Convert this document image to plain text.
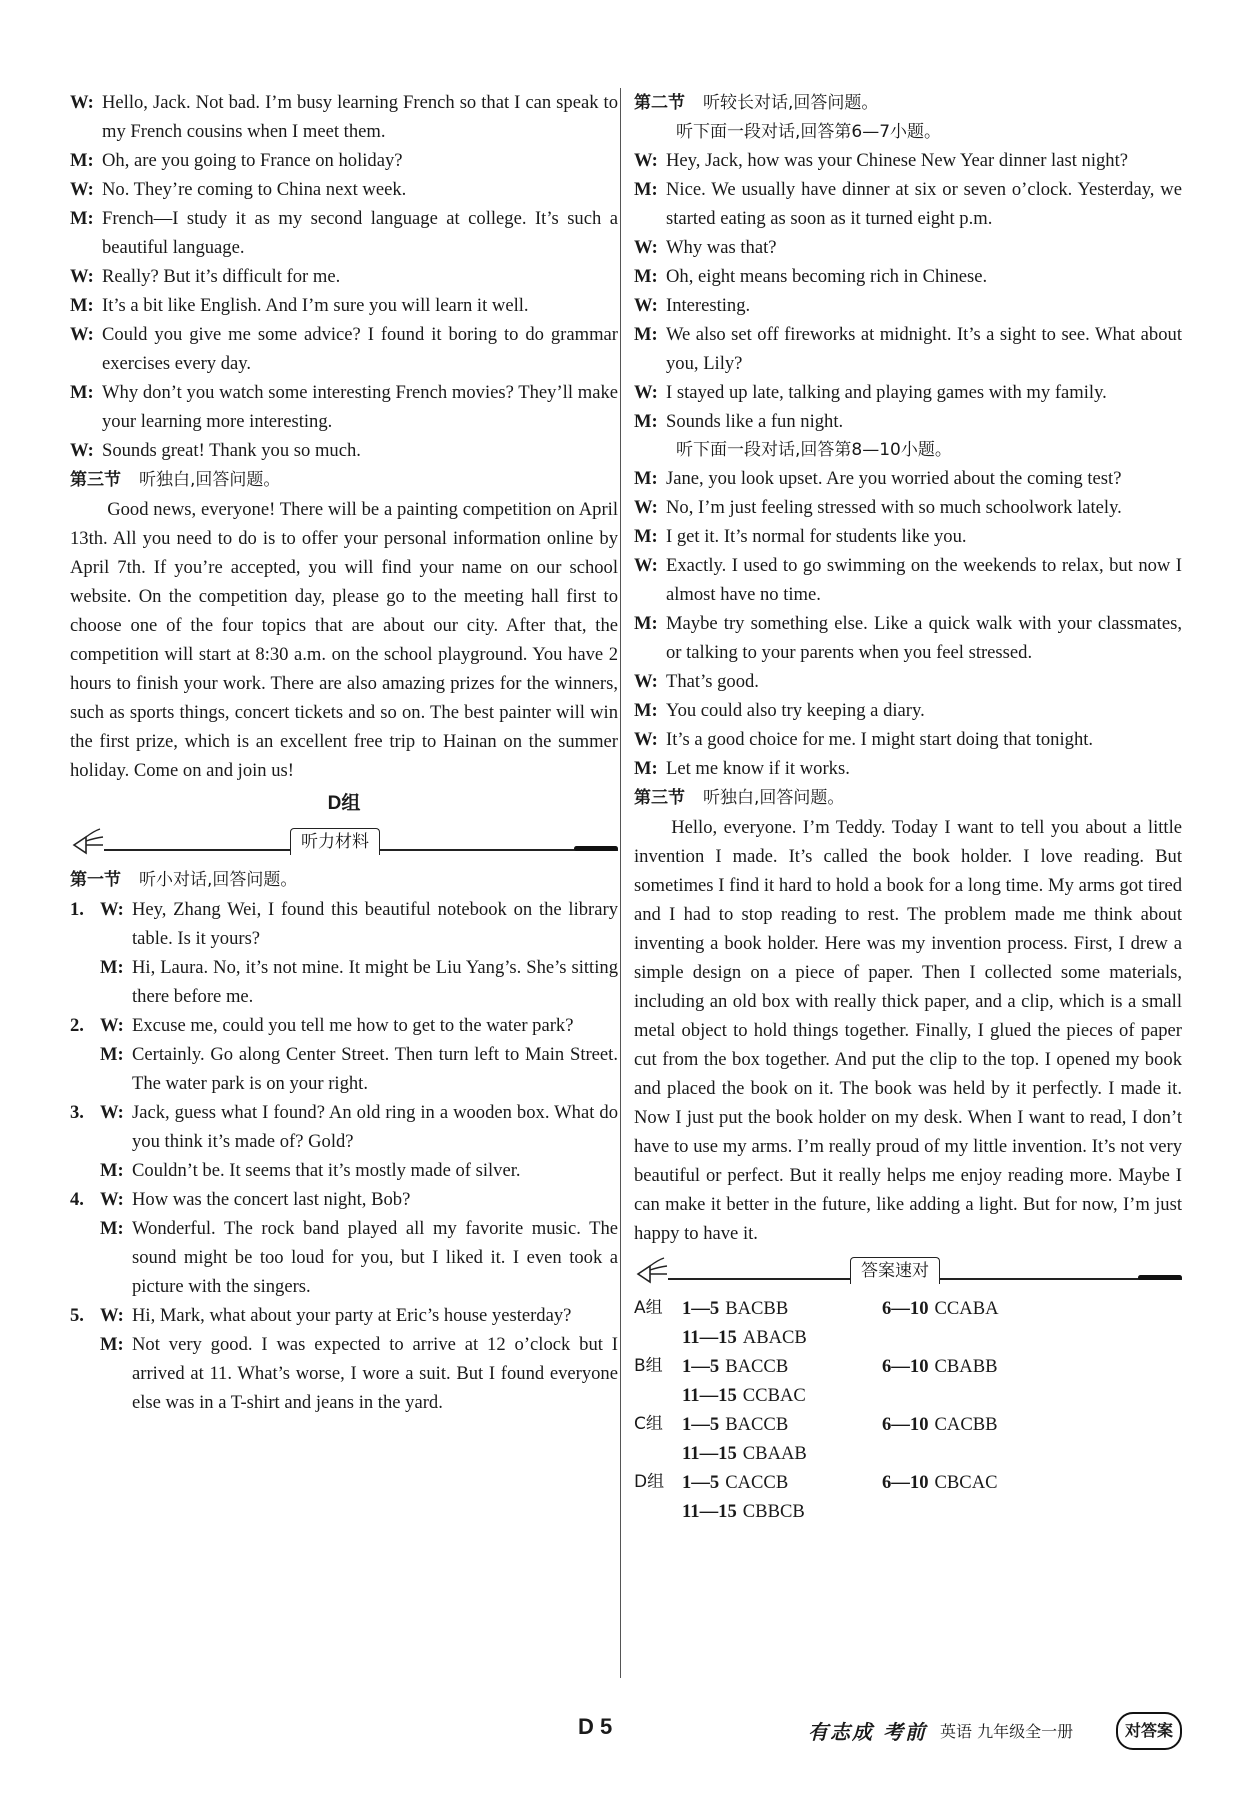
W: Hello, Jack. Not bad. I’m busy learning French so that I can speak to my French cousins when I meet them.
M: Oh, are you going to France on holiday?
W: No. They’re coming to China next week.
M: French—I study it as my second language at college. It’s such a beautiful language.
W: Really? But it’s difficult for me.
M: It’s a bit like English. And I’m sure you will learn it well.
W: Could you give me some advice? I found it boring to do grammar exercises every day.
M: Why don’t you watch some interesting French movies? They’ll make your learning more interesting.
W: Sounds great! Thank you so much.
第三节 听独白,回答问题。
Good news, everyone! There will be a painting competition on April 13th. All you need to do is to offer your personal information online by April 7th. If you’re accepted, you will find your name on our school website. On the competition day, please go to the meeting hall first to choose one of the four topics that are about our city. After that, the competition will start at 8:30 a.m. on the school playground. You have 2 hours to finish your work. There are also amazing prizes for the winners, such as sports things, concert tickets and so on. The best painter will win the first prize, which is an excellent free trip to Hainan on the summer holiday. Come on and join us!
D组
听力材料
第一节 听小对话,回答问题。
1. W: Hey, Zhang Wei, I found this beautiful notebook on the library table. Is it yours?
M: Hi, Laura. No, it’s not mine. It might be Liu Yang’s. She’s sitting there before me.
2. W: Excuse me, could you tell me how to get to the water park?
M: Certainly. Go along Center Street. Then turn left to Main Street. The water park is on your right.
3. W: Jack, guess what I found? An old ring in a wooden box. What do you think it’s made of? Gold?
M: Couldn’t be. It seems that it’s mostly made of silver.
4. W: How was the concert last night, Bob?
M: Wonderful. The rock band played all my favorite music. The sound might be too loud for you, but I liked it. I even took a picture with the singers.
5. W: Hi, Mark, what about your party at Eric’s house yesterday?
M: Not very good. I was expected to arrive at 12 o’clock but I arrived at 11. What’s worse, I wore a suit. But I found everyone else was in a T-shirt and jeans in the yard.
第二节 听较长对话,回答问题。
听下面一段对话,回答第6—7小题。
W: Hey, Jack, how was your Chinese New Year dinner last night?
M: Nice. We usually have dinner at six or seven o’clock. Yesterday, we started eating as soon as it turned eight p.m.
W: Why was that?
M: Oh, eight means becoming rich in Chinese.
W: Interesting.
M: We also set off fireworks at midnight. It’s a sight to see. What about you, Lily?
W: I stayed up late, talking and playing games with my family.
M: Sounds like a fun night.
听下面一段对话,回答第8—10小题。
M: Jane, you look upset. Are you worried about the coming test?
W: No, I’m just feeling stressed with so much schoolwork lately.
M: I get it. It’s normal for students like you.
W: Exactly. I used to go swimming on the weekends to relax, but now I almost have no time.
M: Maybe try something else. Like a quick walk with your classmates, or talking to your parents when you feel stressed.
W: That’s good.
M: You could also try keeping a diary.
W: It’s a good choice for me. I might start doing that tonight.
M: Let me know if it works.
第三节 听独白,回答问题。
Hello, everyone. I’m Teddy. Today I want to tell you about a little invention I made. It’s called the book holder. I love reading. But sometimes I find it hard to hold a book for a long time. My arms got tired and I had to stop reading to rest. The problem made me think about inventing a book holder. Here was my invention process. First, I drew a simple design on a piece of paper. Then I collected some materials, including an old box with really thick paper, and a clip, which is a small metal object to hold things together. Finally, I glued the pieces of paper cut from the box together. And put the clip to the top. I opened my book and placed the book on it. The book was held by it perfectly. I made it. Now I just put the book holder on my desk. When I want to read, I don’t have to use my arms. I’m really proud of my little invention. It’s not very beautiful or perfect. But it really helps me enjoy reading more. Maybe I can make it better in the future, like adding a light. But for now, I’m just happy to have it.
答案速对
A组	1—5 BACBB	6—10 CCABA
11—15 ABACB
B组	1—5 BACCB	6—10 CBABB
11—15 CCBAC
C组	1—5 BACCB	6—10 CACBB
11—15 CBAAB
D组 1—5 CACCB	6—10 CBCAC
11—15 CBBCB
D 5	有志成 考前 英语 九年级全一册	对答案
